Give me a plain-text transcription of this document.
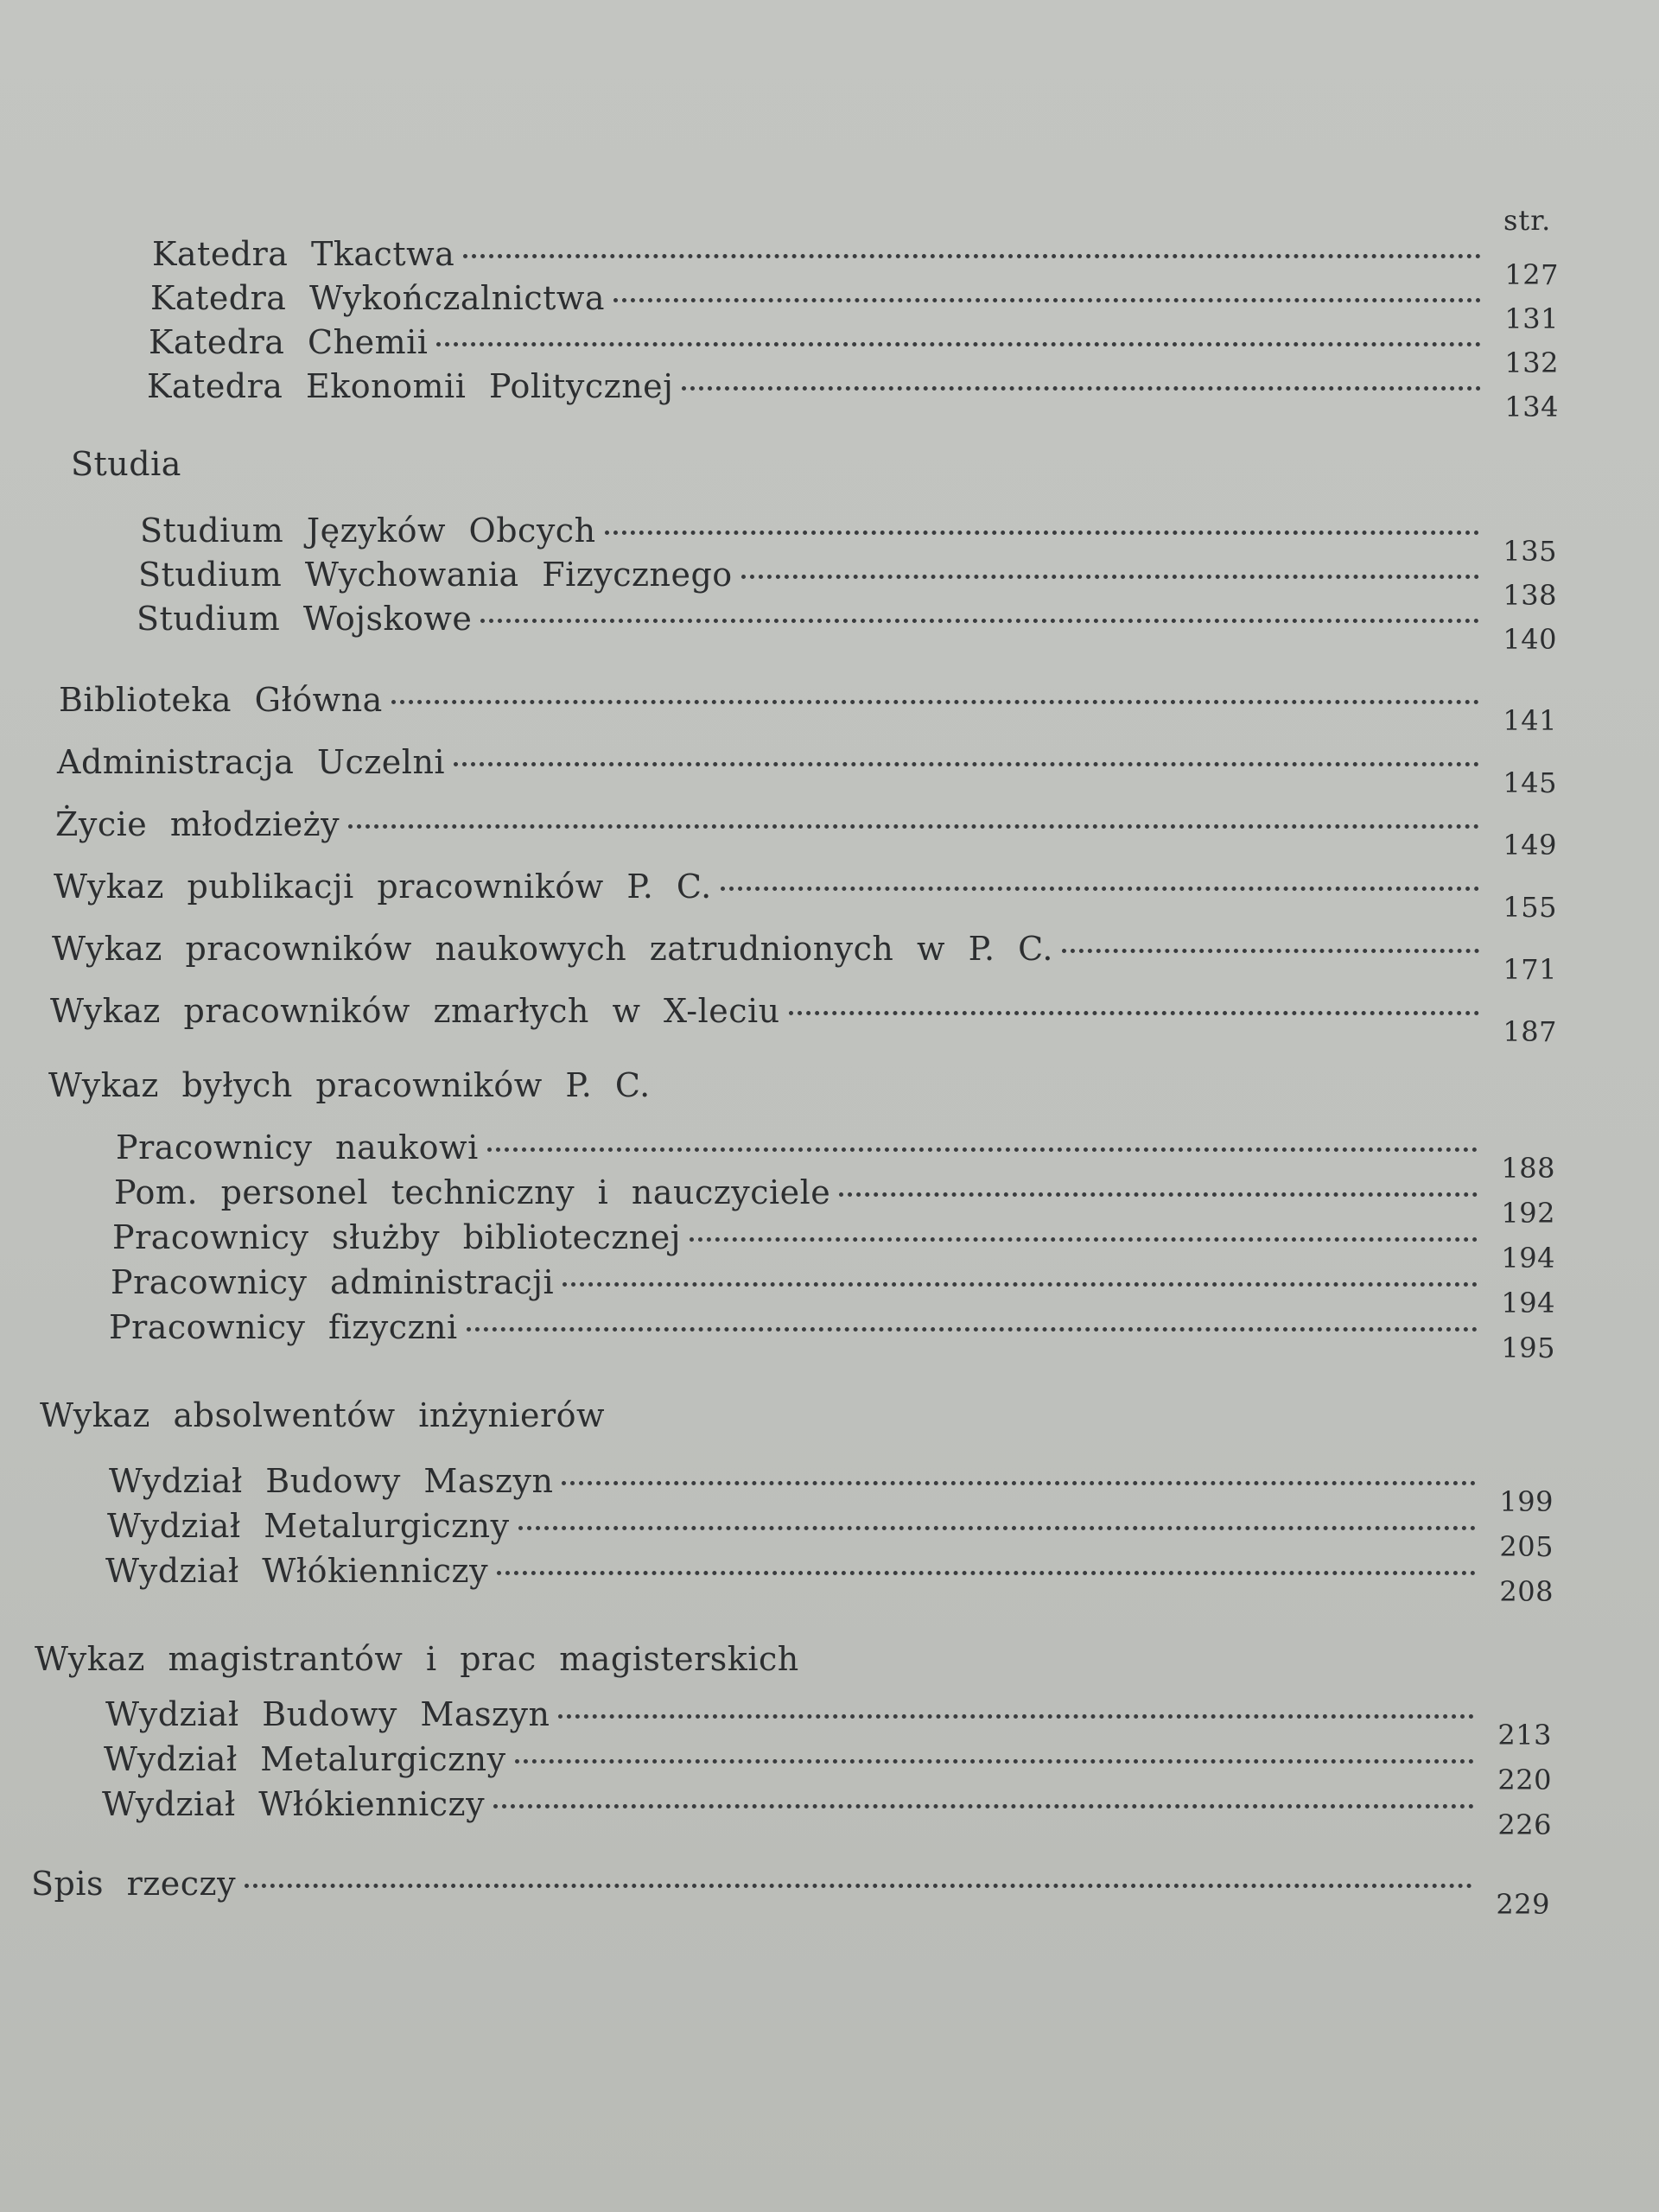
str.
Katedra Tkactwa
127
Katedra Wykończalnictwa
131
Katedra Chemii
132
Katedra Ekonomii Politycznej
134
Studia
Studium Języków Obcych
135
Studium Wychowania Fizycznego
138
Studium Wojskowe
140
Biblioteka Główna
141
Administracja Uczelni
145
Życie młodzieży
149
Wykaz publikacji pracowników P. C.
155
Wykaz pracowników naukowych zatrudnionych w P. C.
171
Wykaz pracowników zmarłych w X-leciu
187
Wykaz byłych pracowników P. C.
Pracownicy naukowi
188
Pom. personel techniczny i nauczyciele
192
Pracownicy służby bibliotecznej
194
Pracownicy administracji
194
Pracownicy fizyczni
195
Wykaz absolwentów inżynierów
Wydział Budowy Maszyn
199
Wydział Metalurgiczny
205
Wydział Włókienniczy
208
Wykaz magistrantów i prac magisterskich
Wydział Budowy Maszyn
213
Wydział Metalurgiczny
220
Wydział Włókienniczy
226
Spis rzeczy
229
